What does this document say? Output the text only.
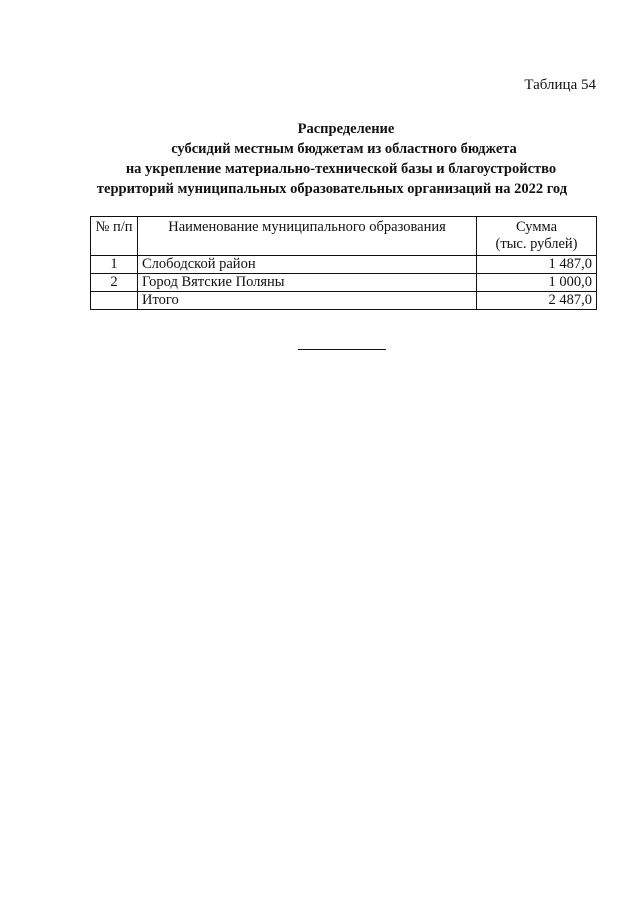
Таблица 54
Распределение
субсидий местным бюджетам из областного бюджета
на укрепление материально-технической базы и благоустройство
территорий муниципальных образовательных организаций на 2022 год
№ п/п	Наименование муниципального образования	Сумма
(тыс. рублей)

1	Слободской район	1 487,0
2	Город Вятские Поляны	1 000,0
	Итого	2 487,0
